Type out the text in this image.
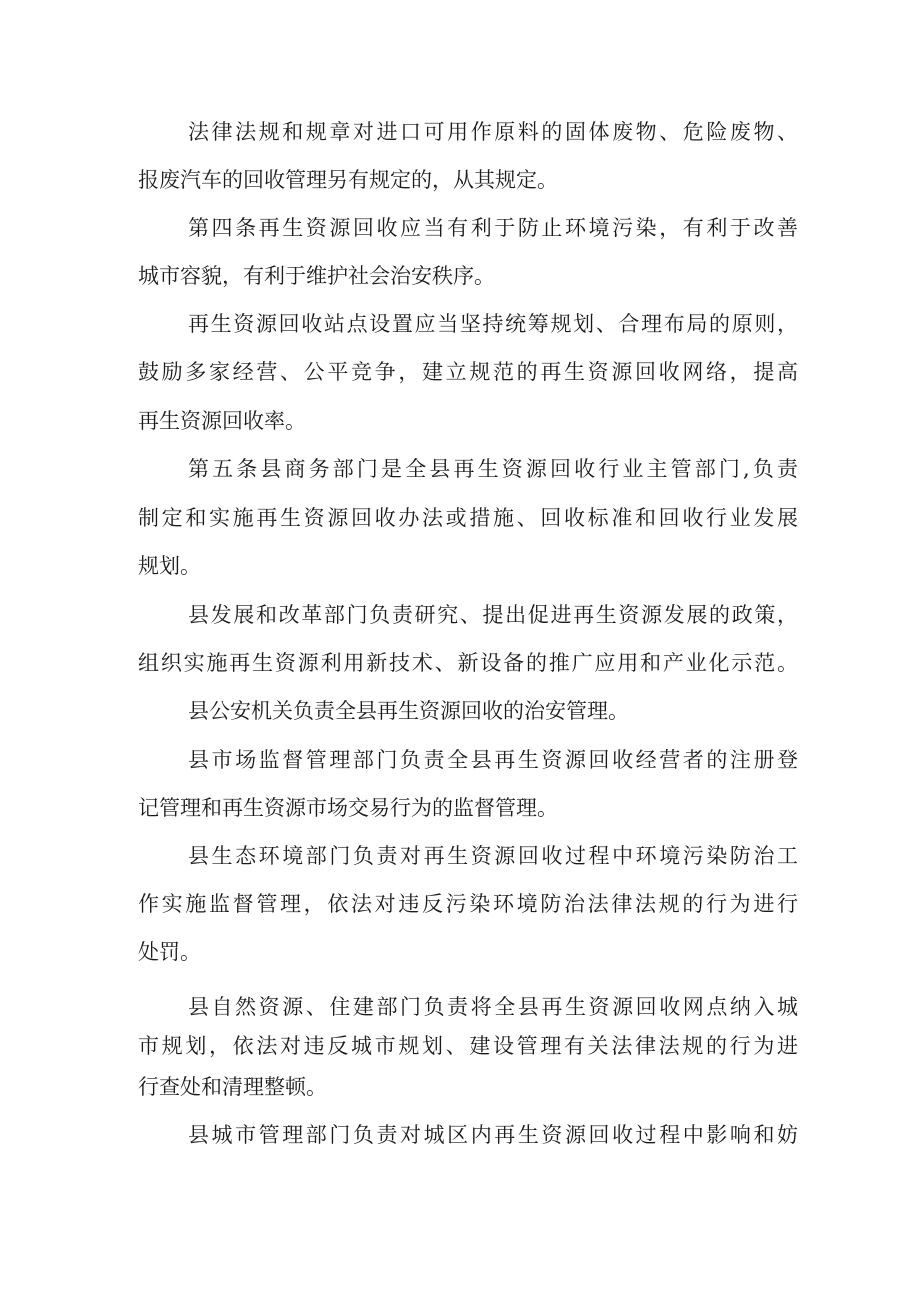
法律法规和规章对进口可用作原料的固体废物、危险废物、
报废汽车的回收管理另有规定的，从其规定。
第四条再生资源回收应当有利于防止环境污染，有利于改善
城市容貌，有利于维护社会治安秩序。
再生资源回收站点设置应当坚持统筹规划、合理布局的原则，
鼓励多家经营、公平竞争，建立规范的再生资源回收网络，提高
再生资源回收率。
第五条县商务部门是全县再生资源回收行业主管部门,负责
制定和实施再生资源回收办法或措施、回收标准和回收行业发展
规划。
县发展和改革部门负责研究、提出促进再生资源发展的政策，
组织实施再生资源利用新技术、新设备的推广应用和产业化示范。
县公安机关负责全县再生资源回收的治安管理。
县市场监督管理部门负责全县再生资源回收经营者的注册登
记管理和再生资源市场交易行为的监督管理。
县生态环境部门负责对再生资源回收过程中环境污染防治工
作实施监督管理，依法对违反污染环境防治法律法规的行为进行
处罚。
县自然资源、住建部门负责将全县再生资源回收网点纳入城
市规划，依法对违反城市规划、建设管理有关法律法规的行为进
行查处和清理整顿。
县城市管理部门负责对城区内再生资源回收过程中影响和妨
